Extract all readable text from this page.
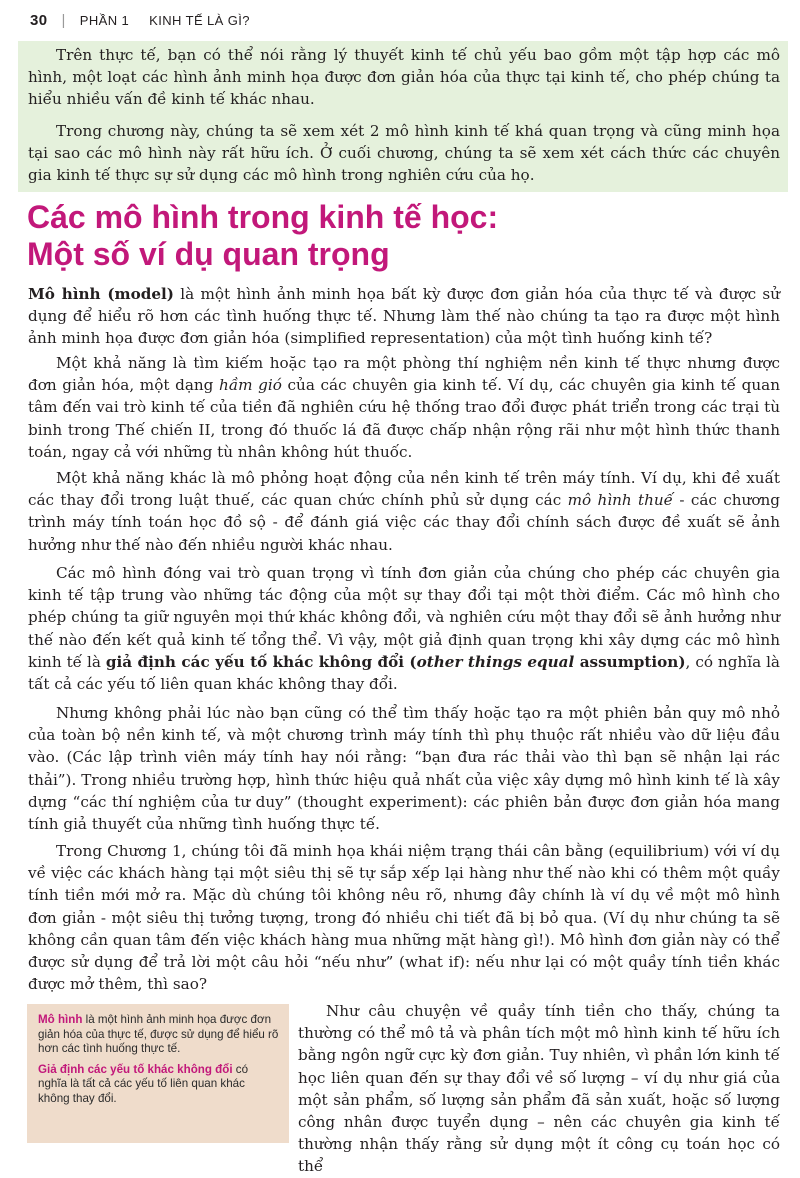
30 | PHẦN 1 KINH TẾ LÀ GÌ?

Trên thực tế, bạn có thể nói rằng lý thuyết kinh tế chủ yếu bao gồm một tập hợp các mô hình, một loạt các hình ảnh minh họa được đơn giản hóa của thực tại kinh tế, cho phép chúng ta hiểu nhiều vấn đề kinh tế khác nhau.

Trong chương này, chúng ta sẽ xem xét 2 mô hình kinh tế khá quan trọng và cũng minh họa tại sao các mô hình này rất hữu ích. Ở cuối chương, chúng ta sẽ xem xét cách thức các chuyên gia kinh tế thực sự sử dụng các mô hình trong nghiên cứu của họ.

Các mô hình trong kinh tế học:
Một số ví dụ quan trọng

Mô hình (model) là một hình ảnh minh họa bất kỳ được đơn giản hóa của thực tế và được sử dụng để hiểu rõ hơn các tình huống thực tế. Nhưng làm thế nào chúng ta tạo ra được một hình ảnh minh họa được đơn giản hóa (simplified representation) của một tình huống kinh tế?

Một khả năng là tìm kiếm hoặc tạo ra một phòng thí nghiệm nền kinh tế thực nhưng được đơn giản hóa, một dạng hầm gió của các chuyên gia kinh tế. Ví dụ, các chuyên gia kinh tế quan tâm đến vai trò kinh tế của tiền đã nghiên cứu hệ thống trao đổi được phát triển trong các trại tù binh trong Thế chiến II, trong đó thuốc lá đã được chấp nhận rộng rãi như một hình thức thanh toán, ngay cả với những tù nhân không hút thuốc.

Một khả năng khác là mô phỏng hoạt động của nền kinh tế trên máy tính. Ví dụ, khi đề xuất các thay đổi trong luật thuế, các quan chức chính phủ sử dụng các mô hình thuế - các chương trình máy tính toán học đồ sộ - để đánh giá việc các thay đổi chính sách được đề xuất sẽ ảnh hưởng như thế nào đến nhiều người khác nhau.

Các mô hình đóng vai trò quan trọng vì tính đơn giản của chúng cho phép các chuyên gia kinh tế tập trung vào những tác động của một sự thay đổi tại một thời điểm. Các mô hình cho phép chúng ta giữ nguyên mọi thứ khác không đổi, và nghiên cứu một thay đổi sẽ ảnh hưởng như thế nào đến kết quả kinh tế tổng thể. Vì vậy, một giả định quan trọng khi xây dựng các mô hình kinh tế là giả định các yếu tố khác không đổi (other things equal assumption), có nghĩa là tất cả các yếu tố liên quan khác không thay đổi.

Nhưng không phải lúc nào bạn cũng có thể tìm thấy hoặc tạo ra một phiên bản quy mô nhỏ của toàn bộ nền kinh tế, và một chương trình máy tính thì phụ thuộc rất nhiều vào dữ liệu đầu vào. (Các lập trình viên máy tính hay nói rằng: “bạn đưa rác thải vào thì bạn sẽ nhận lại rác thải”). Trong nhiều trường hợp, hình thức hiệu quả nhất của việc xây dựng mô hình kinh tế là xây dựng “các thí nghiệm của tư duy” (thought experiment): các phiên bản được đơn giản hóa mang tính giả thuyết của những tình huống thực tế.

Trong Chương 1, chúng tôi đã minh họa khái niệm trạng thái cân bằng (equilibrium) với ví dụ về việc các khách hàng tại một siêu thị sẽ tự sắp xếp lại hàng như thế nào khi có thêm một quầy tính tiền mới mở ra. Mặc dù chúng tôi không nêu rõ, nhưng đây chính là ví dụ về một mô hình đơn giản - một siêu thị tưởng tượng, trong đó nhiều chi tiết đã bị bỏ qua. (Ví dụ như chúng ta sẽ không cần quan tâm đến việc khách hàng mua những mặt hàng gì!). Mô hình đơn giản này có thể được sử dụng để trả lời một câu hỏi “nếu như” (what if): nếu như lại có một quầy tính tiền khác được mở thêm, thì sao?

Mô hình là một hình ảnh minh họa được đơn giản hóa của thực tế, được sử dụng để hiểu rõ hơn các tình huống thực tế.

Giả định các yếu tố khác không đổi có nghĩa là tất cả các yếu tố liên quan khác không thay đổi.

Như câu chuyện về quầy tính tiền cho thấy, chúng ta thường có thể mô tả và phân tích một mô hình kinh tế hữu ích bằng ngôn ngữ cực kỳ đơn giản. Tuy nhiên, vì phần lớn kinh tế học liên quan đến sự thay đổi về số lượng – ví dụ như giá của một sản phẩm, số lượng sản phẩm đã sản xuất, hoặc số lượng công nhân được tuyển dụng – nên các chuyên gia kinh tế thường nhận thấy rằng sử dụng một ít công cụ toán học có thể
